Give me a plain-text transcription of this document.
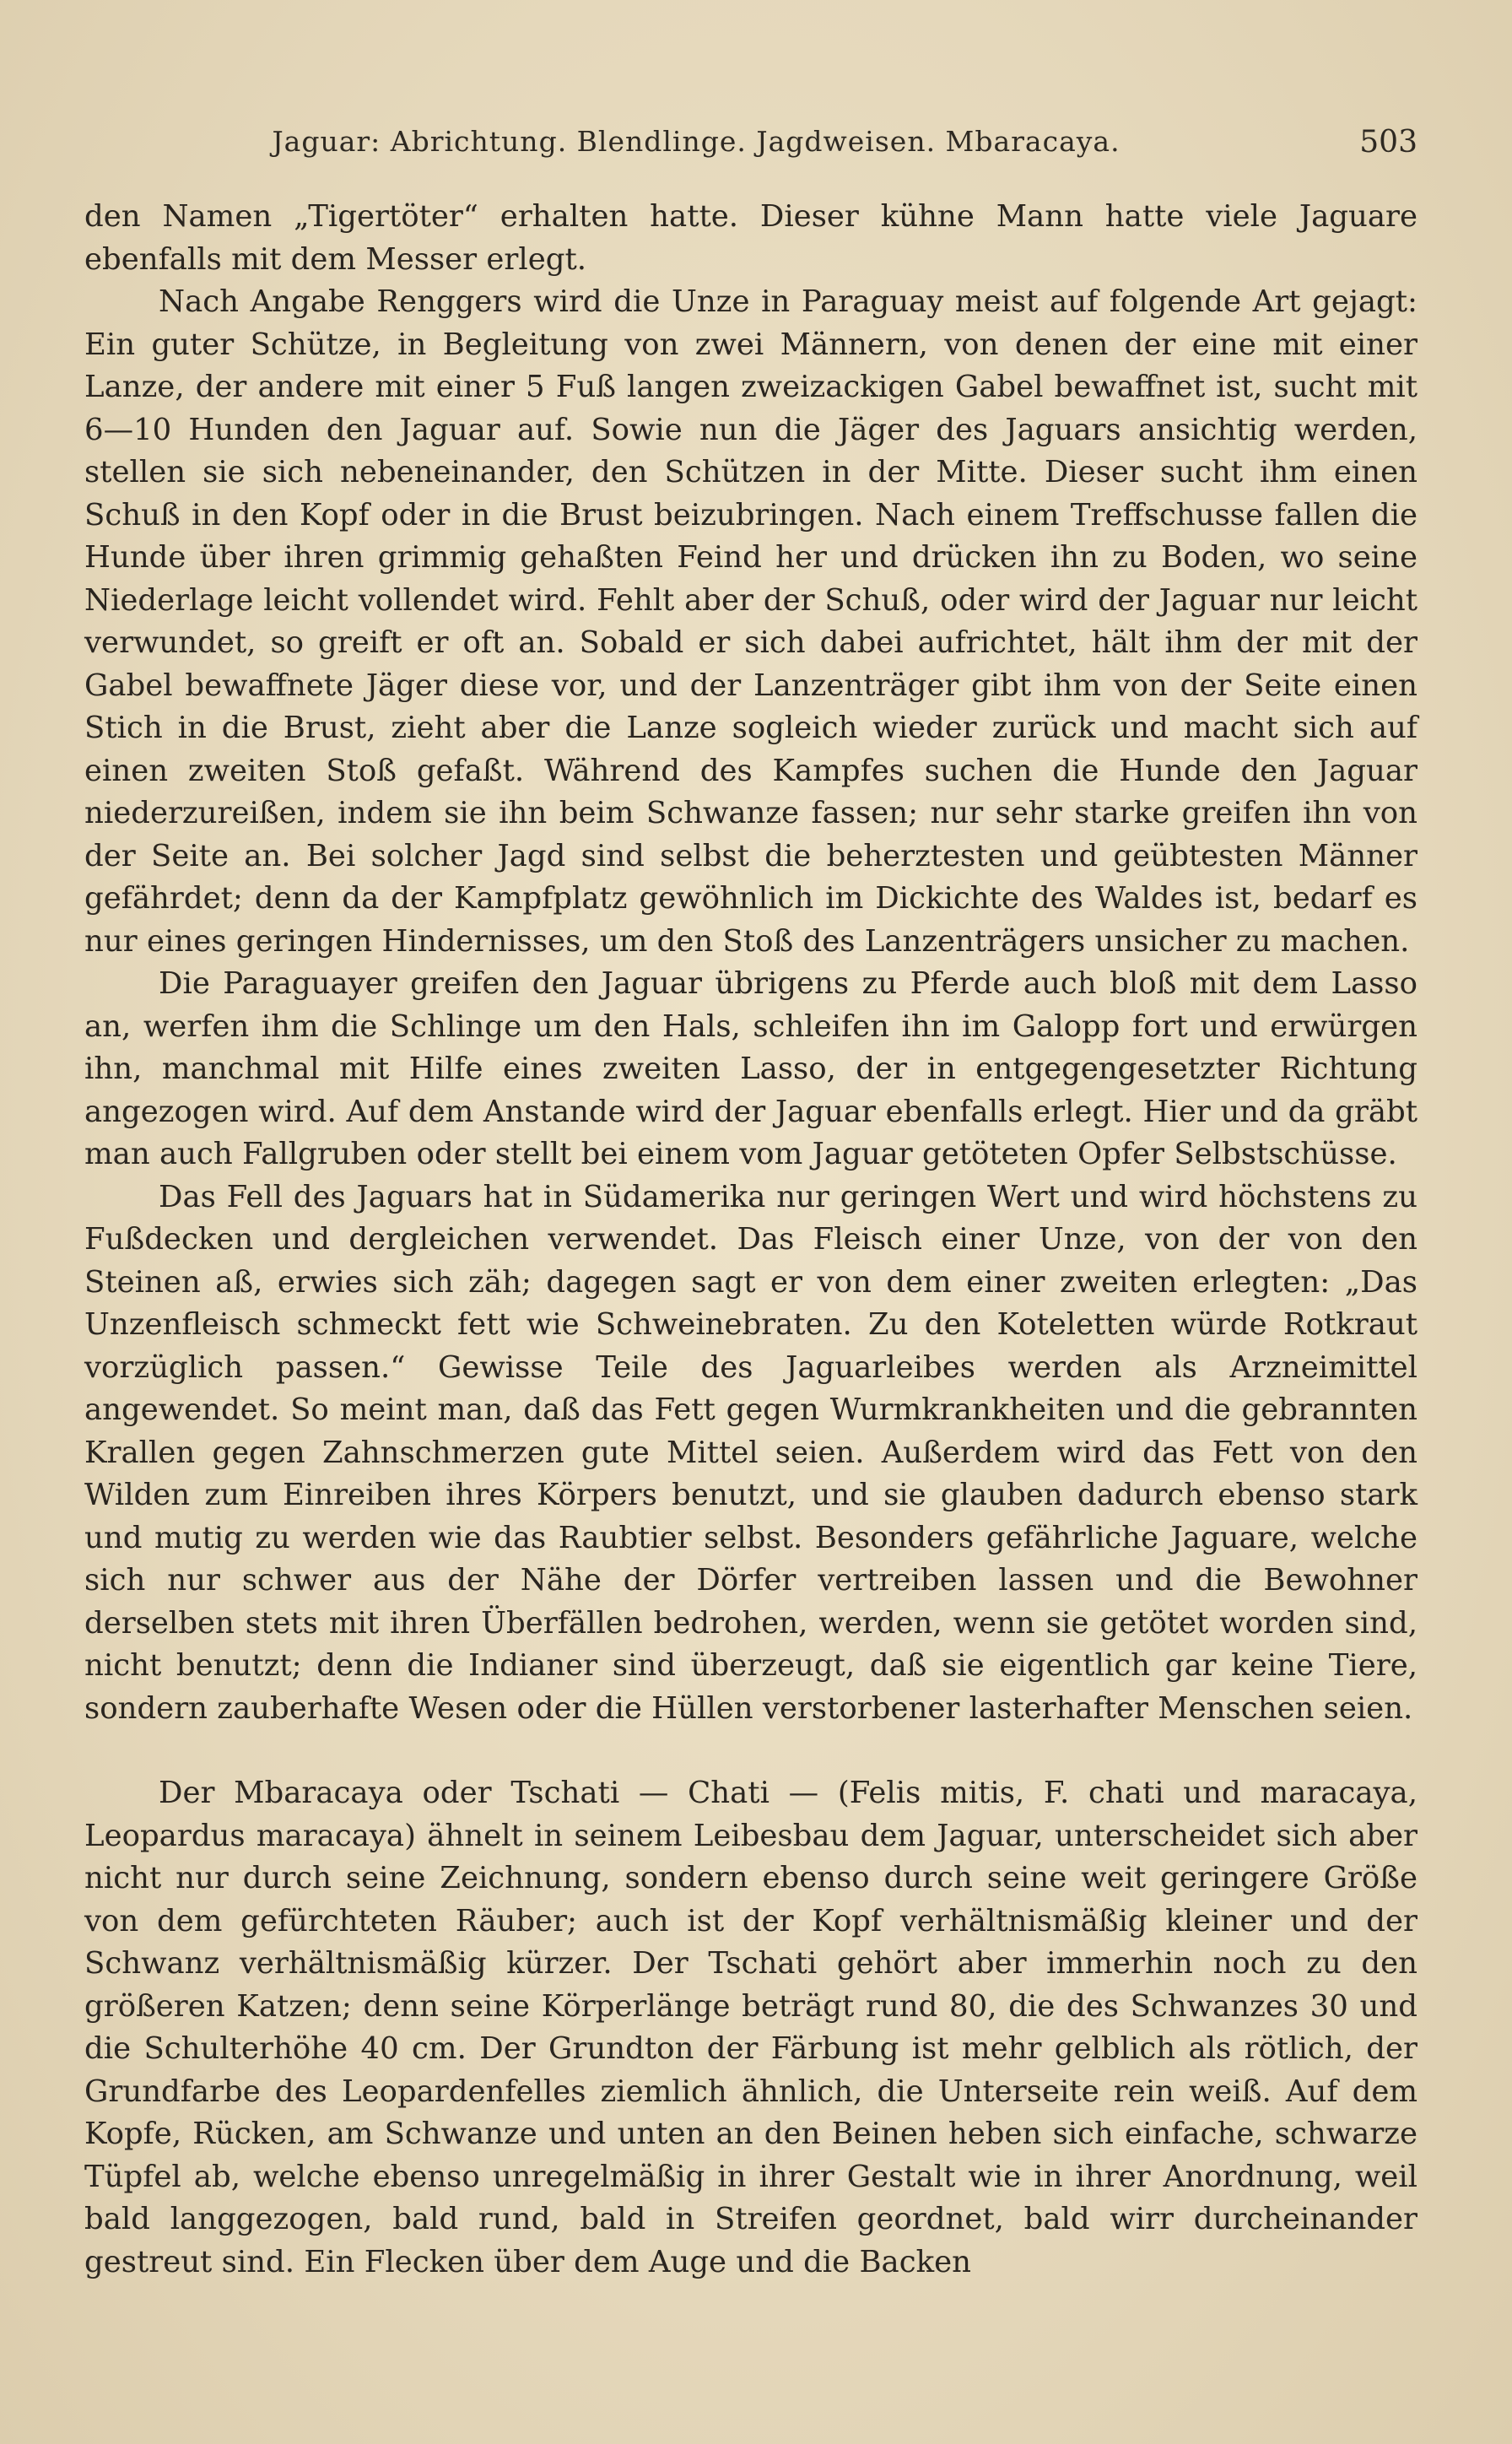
Jaguar: Abrichtung. Blendlinge. Jagdweisen. Mbaracaya.	503

den Namen „Tigertöter“ erhalten hatte. Dieser kühne Mann hatte viele Jaguare ebenfalls mit dem Messer erlegt.

Nach Angabe Renggers wird die Unze in Paraguay meist auf folgende Art gejagt: Ein guter Schütze, in Begleitung von zwei Männern, von denen der eine mit einer Lanze, der andere mit einer 5 Fuß langen zweizackigen Gabel bewaffnet ist, sucht mit 6—10 Hunden den Jaguar auf. Sowie nun die Jäger des Jaguars ansichtig werden, stellen sie sich nebeneinander, den Schützen in der Mitte. Dieser sucht ihm einen Schuß in den Kopf oder in die Brust beizubringen. Nach einem Treffschusse fallen die Hunde über ihren grimmig gehaßten Feind her und drücken ihn zu Boden, wo seine Niederlage leicht vollendet wird. Fehlt aber der Schuß, oder wird der Jaguar nur leicht verwundet, so greift er oft an. Sobald er sich dabei aufrichtet, hält ihm der mit der Gabel bewaffnete Jäger diese vor, und der Lanzenträger gibt ihm von der Seite einen Stich in die Brust, zieht aber die Lanze sogleich wieder zurück und macht sich auf einen zweiten Stoß gefaßt. Während des Kampfes suchen die Hunde den Jaguar niederzureißen, indem sie ihn beim Schwanze fassen; nur sehr starke greifen ihn von der Seite an. Bei solcher Jagd sind selbst die beherztesten und geübtesten Männer gefährdet; denn da der Kampfplatz gewöhnlich im Dickichte des Waldes ist, bedarf es nur eines geringen Hindernisses, um den Stoß des Lanzenträgers unsicher zu machen.

Die Paraguayer greifen den Jaguar übrigens zu Pferde auch bloß mit dem Lasso an, werfen ihm die Schlinge um den Hals, schleifen ihn im Galopp fort und erwürgen ihn, manchmal mit Hilfe eines zweiten Lasso, der in entgegengesetzter Richtung angezogen wird. Auf dem Anstande wird der Jaguar ebenfalls erlegt. Hier und da gräbt man auch Fallgruben oder stellt bei einem vom Jaguar getöteten Opfer Selbstschüsse.

Das Fell des Jaguars hat in Südamerika nur geringen Wert und wird höchstens zu Fußdecken und dergleichen verwendet. Das Fleisch einer Unze, von der von den Steinen aß, erwies sich zäh; dagegen sagt er von dem einer zweiten erlegten: „Das Unzenfleisch schmeckt fett wie Schweinebraten. Zu den Koteletten würde Rotkraut vorzüglich passen.“ Gewisse Teile des Jaguarleibes werden als Arzneimittel angewendet. So meint man, daß das Fett gegen Wurmkrankheiten und die gebrannten Krallen gegen Zahnschmerzen gute Mittel seien. Außerdem wird das Fett von den Wilden zum Einreiben ihres Körpers benutzt, und sie glauben dadurch ebenso stark und mutig zu werden wie das Raubtier selbst. Besonders gefährliche Jaguare, welche sich nur schwer aus der Nähe der Dörfer vertreiben lassen und die Bewohner derselben stets mit ihren Überfällen bedrohen, werden, wenn sie getötet worden sind, nicht benutzt; denn die Indianer sind überzeugt, daß sie eigentlich gar keine Tiere, sondern zauberhafte Wesen oder die Hüllen verstorbener lasterhafter Menschen seien.

Der Mbaracaya oder Tschati — Chati — (Felis mitis, F. chati und maracaya, Leopardus maracaya) ähnelt in seinem Leibesbau dem Jaguar, unterscheidet sich aber nicht nur durch seine Zeichnung, sondern ebenso durch seine weit geringere Größe von dem gefürchteten Räuber; auch ist der Kopf verhältnismäßig kleiner und der Schwanz verhältnismäßig kürzer. Der Tschati gehört aber immerhin noch zu den größeren Katzen; denn seine Körperlänge beträgt rund 80, die des Schwanzes 30 und die Schulterhöhe 40 cm. Der Grundton der Färbung ist mehr gelblich als rötlich, der Grundfarbe des Leopardenfelles ziemlich ähnlich, die Unterseite rein weiß. Auf dem Kopfe, Rücken, am Schwanze und unten an den Beinen heben sich einfache, schwarze Tüpfel ab, welche ebenso unregelmäßig in ihrer Gestalt wie in ihrer Anordnung, weil bald langgezogen, bald rund, bald in Streifen geordnet, bald wirr durcheinander gestreut sind. Ein Flecken über dem Auge und die Backen
